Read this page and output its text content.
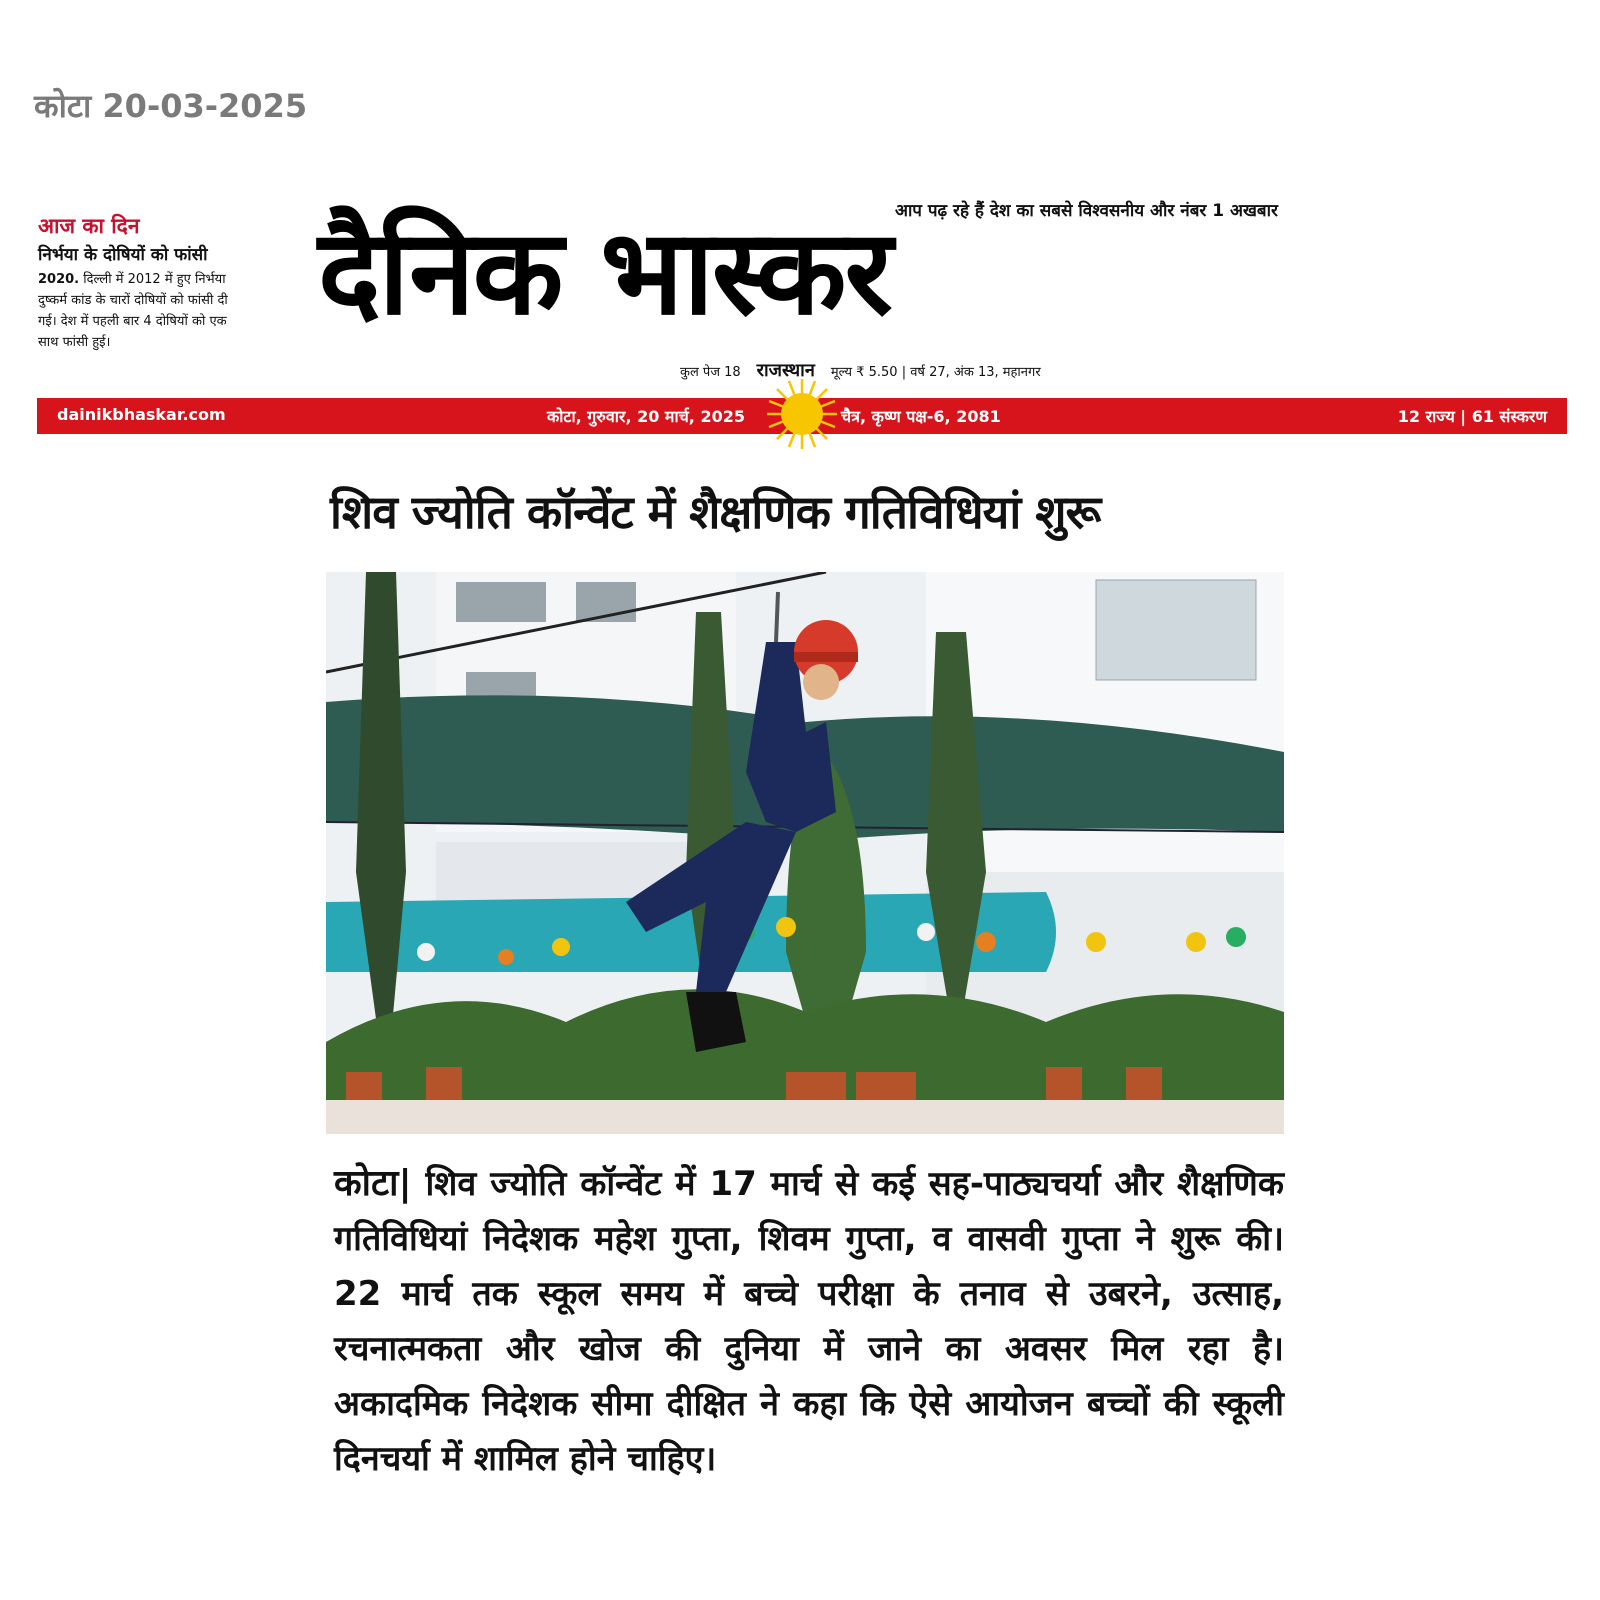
कोटा 20-03-2025
आज का दिन
निर्भया के दोषियों को फांसी
2020. दिल्ली में 2012 में हुए निर्भया दुष्कर्म कांड के चारों दोषियों को फांसी दी गई। देश में पहली बार 4 दोषियों को एक साथ फांसी हुई।
आप पढ़ रहे हैं देश का सबसे विश्वसनीय और नंबर 1 अखबार
दैनिक भास्कर
कुल पेज 18 राजस्थान मूल्य ₹ 5.50 | वर्ष 27, अंक 13, महानगर
dainikbhaskar.com	कोटा, गुरुवार, 20 मार्च, 2025	चैत्र, कृष्ण पक्ष-6, 2081	12 राज्य | 61 संस्करण
शिव ज्योति कॉन्वेंट में शैक्षणिक गतिविधियां शुरू
कोटा| शिव ज्योति कॉन्वेंट में 17 मार्च से कई सह-पाठ्यचर्या और शैक्षणिक गतिविधियां निदेशक महेश गुप्ता, शिवम गुप्ता, व वासवी गुप्ता ने शुरू की। 22 मार्च तक स्कूल समय में बच्चे परीक्षा के तनाव से उबरने, उत्साह, रचनात्मकता और खोज की दुनिया में जाने का अवसर मिल रहा है। अकादमिक निदेशक सीमा दीक्षित ने कहा कि ऐसे आयोजन बच्चों की स्कूली दिनचर्या में शामिल होने चाहिए।
